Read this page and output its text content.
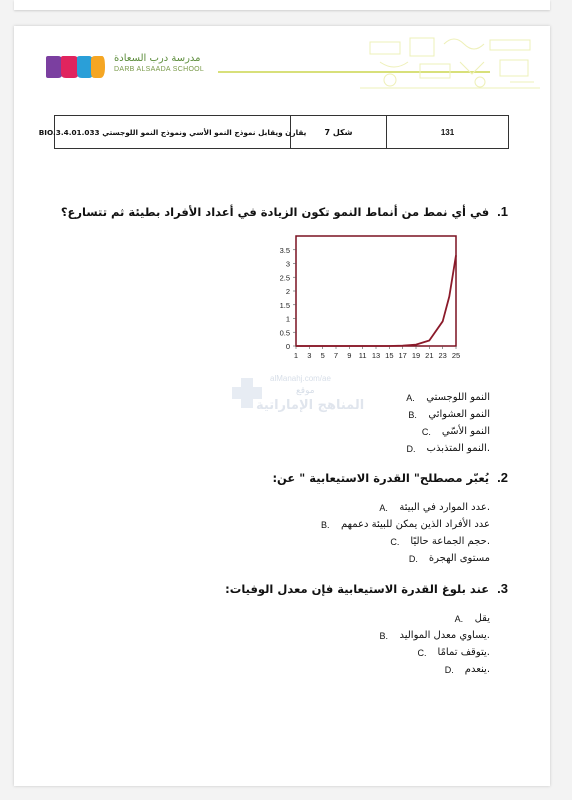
مدرسة درب السعادة
DARB ALSAADA SCHOOL
BIO.3.4.01.033 يقارن ويقابل نموذج النمو الأسي ونموذج النمو اللوجستي	شكل 7	131
1. في أي نمط من أنماط النمو تكون الزيادة في أعداد الأفراد بطيئة ثم تتسارع؟
0
0.5
1
1.5
2
2.5
3
3.5
1 3 5 7 9 11 13 15 17 19 21 23 25
alManahj.com/ae
موقع
المناهج الإماراتية
النمو اللوجستي
A.
النمو العشوائي
B.
النمو الأسّي
C.
.النمو المتذبذب
D.
2. يُعبّر مصطلح" القدرة الاستيعابية " عن:
.عدد الموارد في البيئة
A.
عدد الأفراد الذين يمكن للبيئة دعمهم
B.
.حجم الجماعة حاليًا
C.
مستوى الهجرة
D.
3. عند بلوغ القدرة الاستيعابية فإن معدل الوفيات:
يقل
A.
.يساوي معدل المواليد
B.
.يتوقف تمامًا
C.
.ينعدم
D.
